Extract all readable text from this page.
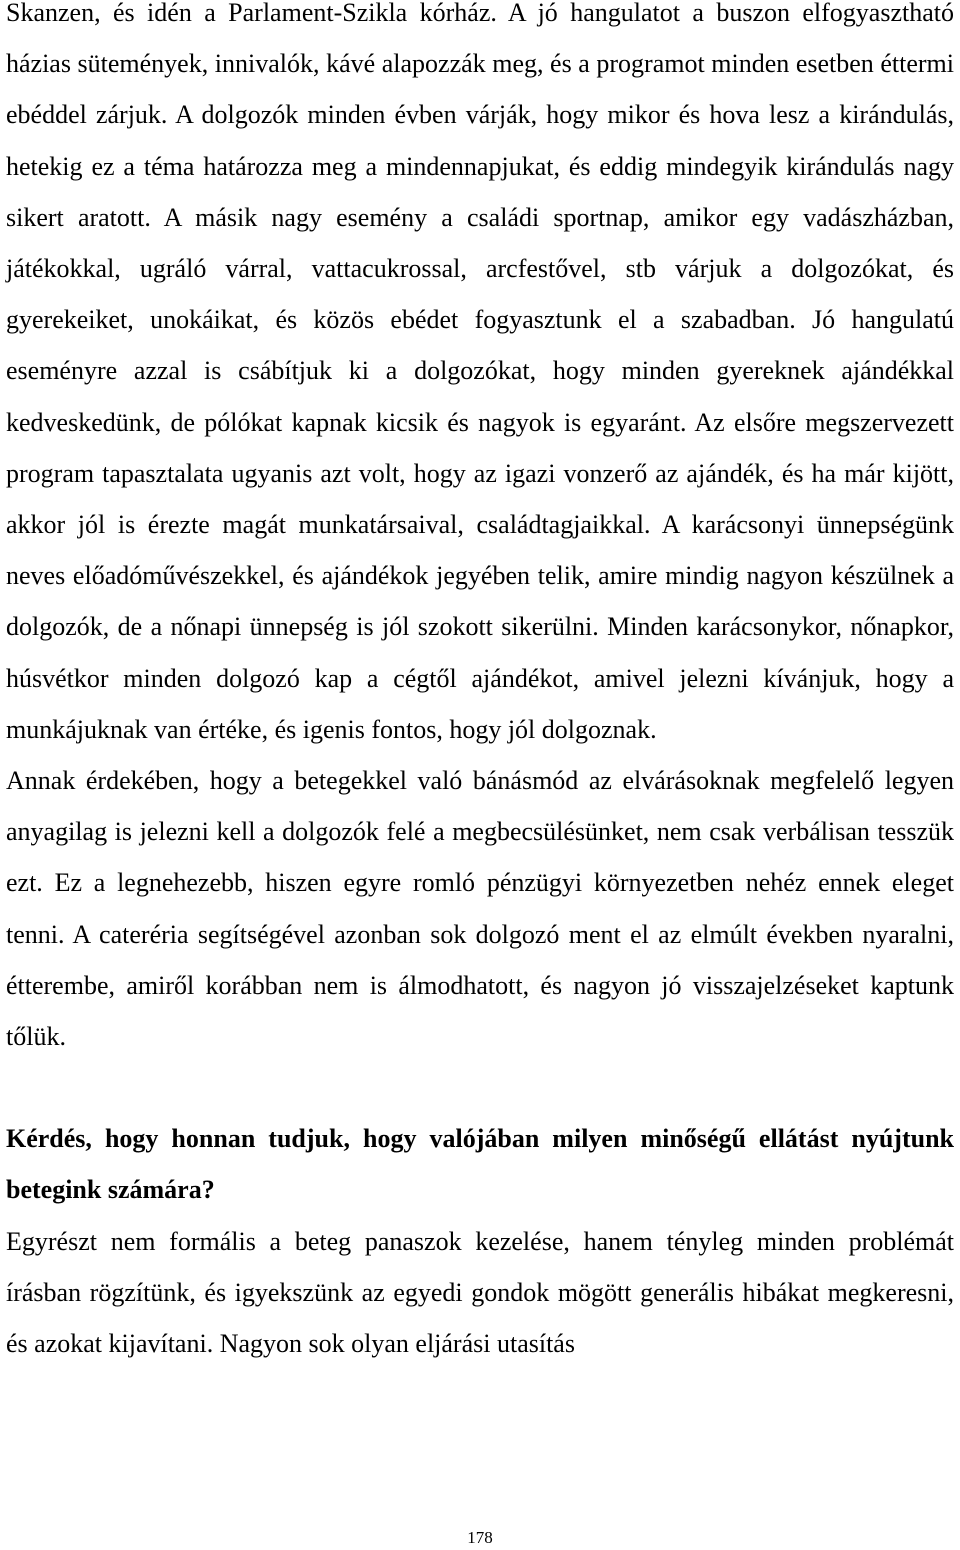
Skanzen, és idén a Parlament-Szikla kórház. A jó hangulatot a buszon elfogyasztható házias sütemények, innivalók, kávé alapozzák meg, és a programot minden esetben éttermi ebéddel zárjuk. A dolgozók minden évben várják, hogy mikor és hova lesz a kirándulás, hetekig ez a téma határozza meg a mindennapjukat, és eddig mindegyik kirándulás nagy sikert aratott. A másik nagy esemény a családi sportnap, amikor egy vadászházban, játékokkal, ugráló várral, vattacukrossal, arcfestővel, stb várjuk a dolgozókat, és gyerekeiket, unokáikat, és közös ebédet fogyasztunk el a szabadban. Jó hangulatú eseményre azzal is csábítjuk ki a dolgozókat, hogy minden gyereknek ajándékkal kedveskedünk, de pólókat kapnak kicsik és nagyok is egyaránt. Az elsőre megszervezett program tapasztalata ugyanis azt volt, hogy az igazi vonzerő az ajándék, és ha már kijött, akkor jól is érezte magát munkatársaival, családtagjaikkal. A karácsonyi ünnepségünk neves előadóművészekkel, és ajándékok jegyében telik, amire mindig nagyon készülnek a dolgozók, de a nőnapi ünnepség is jól szokott sikerülni. Minden karácsonykor, nőnapkor, húsvétkor minden dolgozó kap a cégtől ajándékot, amivel jelezni kívánjuk, hogy a munkájuknak van értéke, és igenis fontos, hogy jól dolgoznak.

Annak érdekében, hogy a betegekkel való bánásmód az elvárásoknak megfelelő legyen anyagilag is jelezni kell a dolgozók felé a megbecsülésünket, nem csak verbálisan tesszük ezt. Ez a legnehezebb, hiszen egyre romló pénzügyi környezetben nehéz ennek eleget tenni. A cateréria segítségével azonban sok dolgozó ment el az elmúlt években nyaralni, étterembe, amiről korábban nem is álmodhatott, és nagyon jó visszajelzéseket kaptunk tőlük.

Kérdés, hogy honnan tudjuk, hogy valójában milyen minőségű ellátást nyújtunk betegink számára?

Egyrészt nem formális a beteg panaszok kezelése, hanem tényleg minden problémát írásban rögzítünk, és igyekszünk az egyedi gondok mögött generális hibákat megkeresni, és azokat kijavítani. Nagyon sok olyan eljárási utasítás

178
